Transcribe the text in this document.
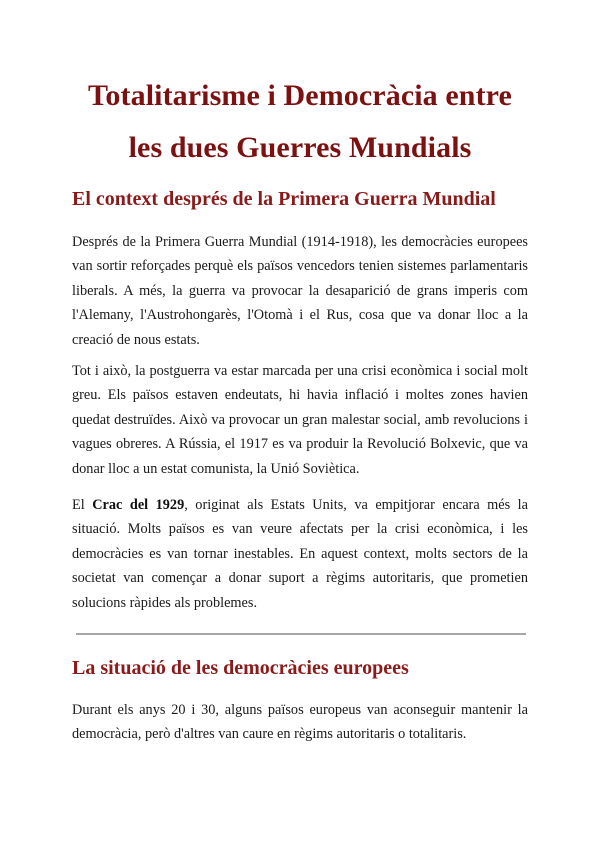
Totalitarisme i Democràcia entre
les dues Guerres Mundials
El context després de la Primera Guerra Mundial

Després de la Primera Guerra Mundial (1914-1918), les democràcies europees van sortir reforçades perquè els països vencedors tenien sistemes parlamentaris liberals. A més, la guerra va provocar la desaparició de grans imperis com l'Alemany, l'Austrohongarès, l'Otomà i el Rus, cosa que va donar lloc a la creació de nous estats.

Tot i això, la postguerra va estar marcada per una crisi econòmica i social molt greu. Els països estaven endeutats, hi havia inflació i moltes zones havien quedat destruïdes. Això va provocar un gran malestar social, amb revolucions i vagues obreres. A Rússia, el 1917 es va produir la Revolució Bolxevic, que va donar lloc a un estat comunista, la Unió Soviètica.

El Crac del 1929, originat als Estats Units, va empitjorar encara més la situació. Molts països es van veure afectats per la crisi econòmica, i les democràcies es van tornar inestables. En aquest context, molts sectors de la societat van començar a donar suport a règims autoritaris, que prometien solucions ràpides als problemes.

La situació de les democràcies europees

Durant els anys 20 i 30, alguns països europeus van aconseguir mantenir la democràcia, però d'altres van caure en règims autoritaris o totalitaris.
